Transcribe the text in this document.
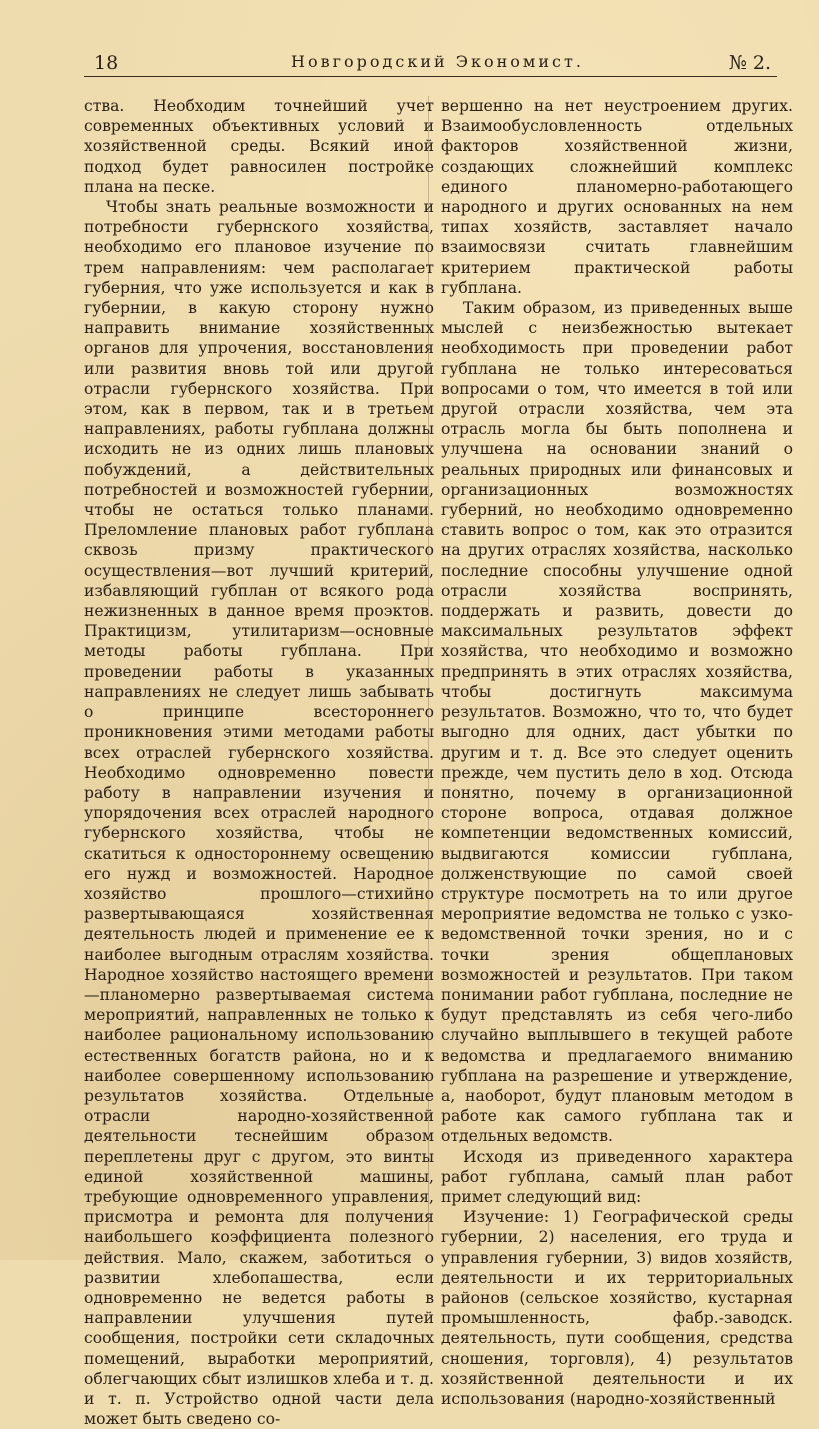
18	Новгородский Экономист.	№ 2.

ства. Необходим точнейший учет современных объективных условий и хозяйственной среды. Всякий иной подход будет равносилен постройке плана на песке.

Чтобы знать реальные возможности и потребности губернского хозяйства, необходимо его плановое изучение по трем направлениям: чем располагает губерния, что уже используется и как в губернии, в какую сторону нужно направить внимание хозяйственных органов для упрочения, восстановления или развития вновь той или другой отрасли губернского хозяйства. При этом, как в первом, так и в третьем направлениях, работы губплана должны исходить не из одних лишь плановых побуждений, а действительных потребностей и возможностей губернии, чтобы не остаться только планами. Преломление плановых работ губплана сквозь призму практического осуществления—вот лучший критерий, избавляющий губплан от всякого рода нежизненных в данное время проэктов. Практицизм, утилитаризм—основные методы работы губплана. При проведении работы в указанных направлениях не следует лишь забывать о принципе всестороннего проникновения этими методами работы всех отраслей губернского хозяйства. Необходимо одновременно повести работу в направлении изучения и упорядочения всех отраслей народного губернского хозяйства, чтобы не скатиться к одностороннему освещению его нужд и возможностей. Народное хозяйство прошлого—стихийно развертывающаяся хозяйственная деятельность людей и применение ее к наиболее выгодным отраслям хозяйства. Народное хозяйство настоящего времени—планомерно развертываемая система мероприятий, направленных не только к наиболее рациональному использованию естественных богатств района, но и к наиболее совершенному использованию результатов хозяйства. Отдельные отрасли народно-хозяйственной деятельности теснейшим образом переплетены друг с другом, это винты единой хозяйственной машины, требующие одновременного управления, присмотра и ремонта для получения наибольшего коэффициента полезного действия. Мало, скажем, заботиться о развитии хлебопашества, если одновременно не ведется работы в направлении улучшения путей сообщения, постройки сети складочных помещений, выработки мероприятий, облегчающих сбыт излишков хлеба и т. д. и т. п. Устройство одной части дела может быть сведено со-

вершенно на нет неустроением других. Взаимообусловленность отдельных факторов хозяйственной жизни, создающих сложнейший комплекс единого планомерно-работающего народного и других основанных на нем типах хозяйств, заставляет начало взаимосвязи считать главнейшим критерием практической работы губплана.

Таким образом, из приведенных выше мыслей с неизбежностью вытекает необходимость при проведении работ губплана не только интересоваться вопросами о том, что имеется в той или другой отрасли хозяйства, чем эта отрасль могла бы быть пополнена и улучшена на основании знаний о реальных природных или финансовых и организационных возможностях губерний, но необходимо одновременно ставить вопрос о том, как это отразится на других отраслях хозяйства, насколько последние способны улучшение одной отрасли хозяйства воспринять, поддержать и развить, довести до максимальных результатов эффект хозяйства, что необходимо и возможно предпринять в этих отраслях хозяйства, чтобы достигнуть максимума результатов. Возможно, что то, что будет выгодно для одних, даст убытки по другим и т. д. Все это следует оценить прежде, чем пустить дело в ход. Отсюда понятно, почему в организационной стороне вопроса, отдавая должное компетенции ведомственных комиссий, выдвигаются комиссии губплана, долженствующие по самой своей структуре посмотреть на то или другое мероприятие ведомства не только с узко-ведомственной точки зрения, но и с точки зрения общеплановых возможностей и результатов. При таком понимании работ губплана, последние не будут представлять из себя чего-либо случайно выплывшего в текущей работе ведомства и предлагаемого вниманию губплана на разрешение и утверждение, а, наоборот, будут плановым методом в работе как самого губплана так и отдельных ведомств.

Исходя из приведенного характера работ губплана, самый план работ примет следующий вид:

Изучение: 1) Географической среды губернии, 2) населения, его труда и управления губернии, 3) видов хозяйств, деятельности и их территориальных районов (сельское хозяйство, кустарная промышленность, фабр.-заводск. деятельность, пути сообщения, средства сношения, торговля), 4) результатов хозяйственной деятельности и их использования (народно-хозяйственный
